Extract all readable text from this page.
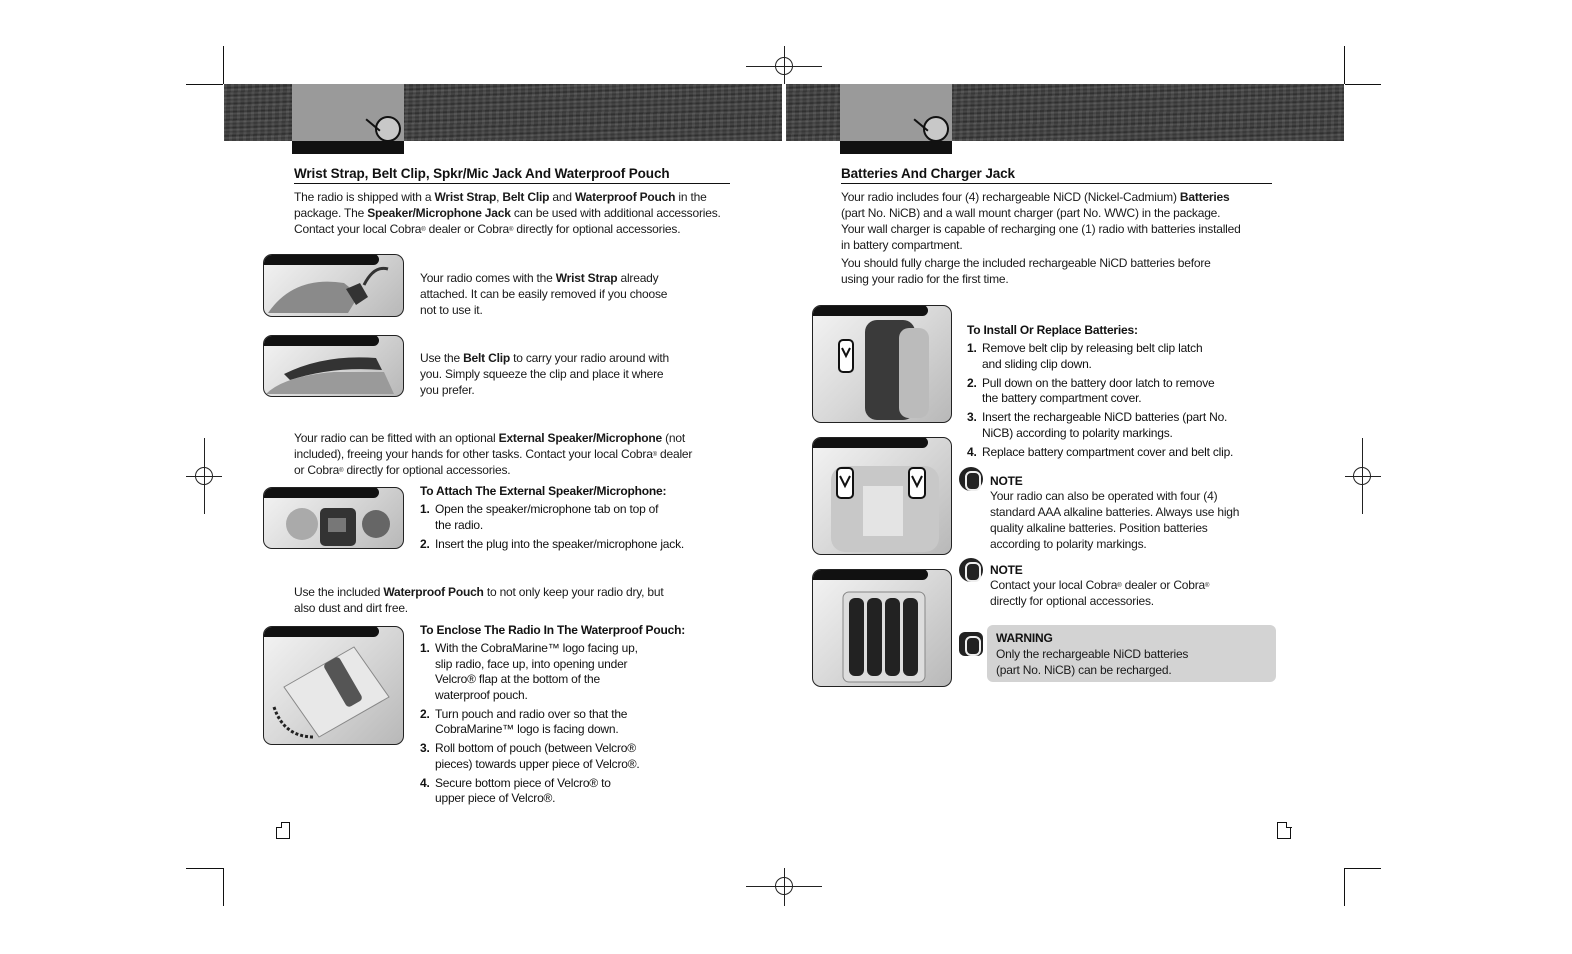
Wrist Strap, Belt Clip, Spkr/Mic Jack And Waterproof Pouch
The radio is shipped with a Wrist Strap, Belt Clip and Waterproof Pouch in the package. The Speaker/Microphone Jack can be used with additional accessories. Contact your local Cobra® dealer or Cobra® directly for optional accessories.
Your radio comes with the Wrist Strap already attached. It can be easily removed if you choose not to use it.
Use the Belt Clip to carry your radio around with you. Simply squeeze the clip and place it where you prefer.
Your radio can be fitted with an optional External Speaker/Microphone (not included), freeing your hands for other tasks. Contact your local Cobra® dealer or Cobra® directly for optional accessories.
To Attach The External Speaker/Microphone:
1. Open the speaker/microphone tab on top of the radio.
2. Insert the plug into the speaker/microphone jack.
Use the included Waterproof Pouch to not only keep your radio dry, but also dust and dirt free.
To Enclose The Radio In The Waterproof Pouch:
1. With the CobraMarine™ logo facing up, slip radio, face up, into opening under Velcro® flap at the bottom of the waterproof pouch.
2. Turn pouch and radio over so that the CobraMarine™ logo is facing down.
3. Roll bottom of pouch (between Velcro® pieces) towards upper piece of Velcro®.
4. Secure bottom piece of Velcro® to upper piece of Velcro®.
Batteries And Charger Jack
Your radio includes four (4) rechargeable NiCD (Nickel-Cadmium) Batteries (part No. NiCB) and a wall mount charger (part No. WWC) in the package. Your wall charger is capable of recharging one (1) radio with batteries installed in battery compartment.
You should fully charge the included rechargeable NiCD batteries before using your radio for the first time.
To Install Or Replace Batteries:
1. Remove belt clip by releasing belt clip latch and sliding clip down.
2. Pull down on the battery door latch to remove the battery compartment cover.
3. Insert the rechargeable NiCD batteries (part No. NiCB) according to polarity markings.
4. Replace battery compartment cover and belt clip.
NOTE
Your radio can also be operated with four (4) standard AAA alkaline batteries. Always use high quality alkaline batteries. Position batteries according to polarity markings.
NOTE
Contact your local Cobra® dealer or Cobra® directly for optional accessories.
WARNING
Only the rechargeable NiCD batteries (part No. NiCB) can be recharged.
